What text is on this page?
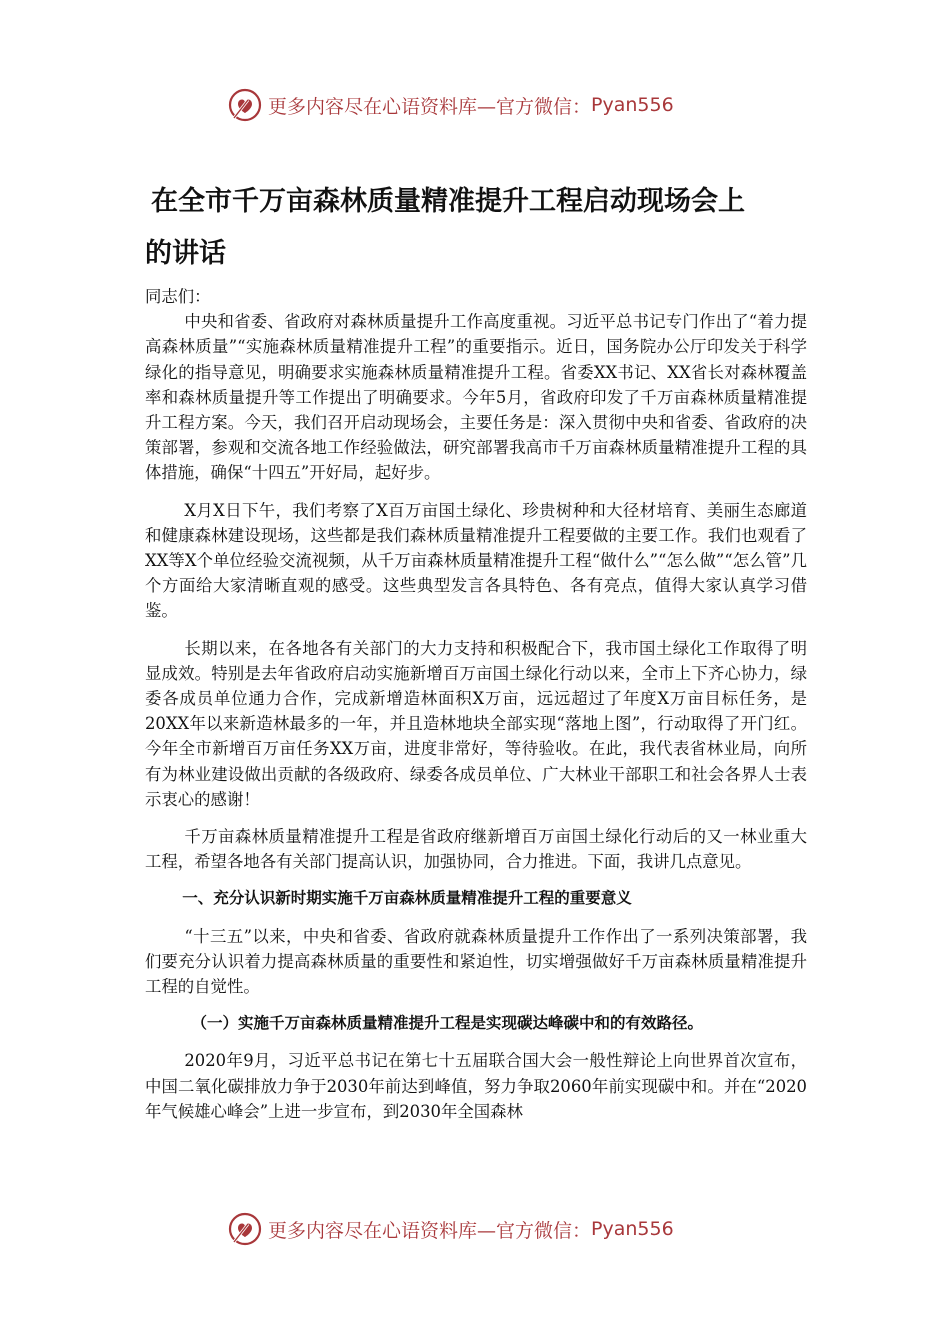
更多内容尽在心语资料库—官方微信： Pyan556
在全市千万亩森林质量精准提升工程启动现场会上
的讲话

同志们：

中央和省委、省政府对森林质量提升工作高度重视。习近平总书记专门作出了“着力提高森林质量”“实施森林质量精准提升工程”的重要指示。近日，国务院办公厅印发关于科学绿化的指导意见，明确要求实施森林质量精准提升工程。省委XX书记、XX省长对森林覆盖率和森林质量提升等工作提出了明确要求。今年5月，省政府印发了千万亩森林质量精准提升工程方案。今天，我们召开启动现场会，主要任务是：深入贯彻中央和省委、省政府的决策部署，参观和交流各地工作经验做法，研究部署我高市千万亩森林质量精准提升工程的具体措施，确保“十四五”开好局，起好步。

X月X日下午，我们考察了X百万亩国土绿化、珍贵树种和大径材培育、美丽生态廊道和健康森林建设现场，这些都是我们森林质量精准提升工程要做的主要工作。我们也观看了XX等X个单位经验交流视频，从千万亩森林质量精准提升工程“做什么”“怎么做”“怎么管”几个方面给大家清晰直观的感受。这些典型发言各具特色、各有亮点，值得大家认真学习借鉴。

长期以来，在各地各有关部门的大力支持和积极配合下，我市国土绿化工作取得了明显成效。特别是去年省政府启动实施新增百万亩国土绿化行动以来，全市上下齐心协力，绿委各成员单位通力合作，完成新增造林面积X万亩，远远超过了年度X万亩目标任务，是20XX年以来新造林最多的一年，并且造林地块全部实现“落地上图”，行动取得了开门红。今年全市新增百万亩任务XX万亩，进度非常好，等待验收。在此，我代表省林业局，向所有为林业建设做出贡献的各级政府、绿委各成员单位、广大林业干部职工和社会各界人士表示衷心的感谢！

千万亩森林质量精准提升工程是省政府继新增百万亩国土绿化行动后的又一林业重大工程，希望各地各有关部门提高认识，加强协同，合力推进。下面，我讲几点意见。

一、充分认识新时期实施千万亩森林质量精准提升工程的重要意义

“十三五”以来，中央和省委、省政府就森林质量提升工作作出了一系列决策部署，我们要充分认识着力提高森林质量的重要性和紧迫性，切实增强做好千万亩森林质量精准提升工程的自觉性。

（一）实施千万亩森林质量精准提升工程是实现碳达峰碳中和的有效路径。

2020年9月，习近平总书记在第七十五届联合国大会一般性辩论上向世界首次宣布，中国二氧化碳排放力争于2030年前达到峰值，努力争取2060年前实现碳中和。并在“2020年气候雄心峰会”上进一步宣布，到2030年全国森林

更多内容尽在心语资料库—官方微信： Pyan556
